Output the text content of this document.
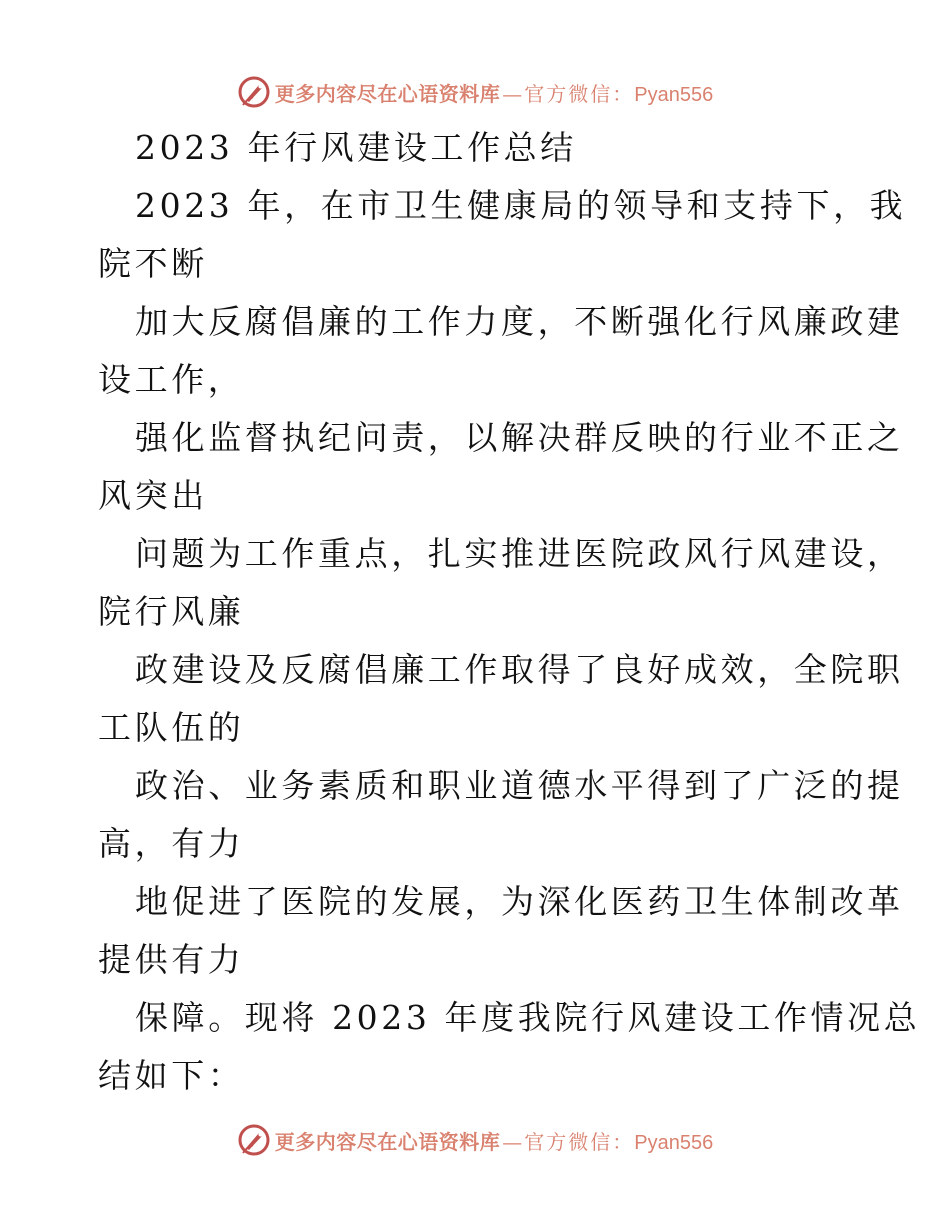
更多内容尽在心语资料库 — 官方微信： Pyan556
2023 年行风建设工作总结
2023 年，在市卫生健康局的领导和支持下，我
院不断
加大反腐倡廉的工作力度，不断强化行风廉政建
设工作，
强化监督执纪问责，以解决群反映的行业不正之
风突出
问题为工作重点，扎实推进医院政风行风建设，
院行风廉
政建设及反腐倡廉工作取得了良好成效，全院职
工队伍的
政治、业务素质和职业道德水平得到了广泛的提
高，有力
地促进了医院的发展，为深化医药卫生体制改革
提供有力
保障。现将 2023 年度我院行风建设工作情况总
结如下：
更多内容尽在心语资料库 — 官方微信： Pyan556
